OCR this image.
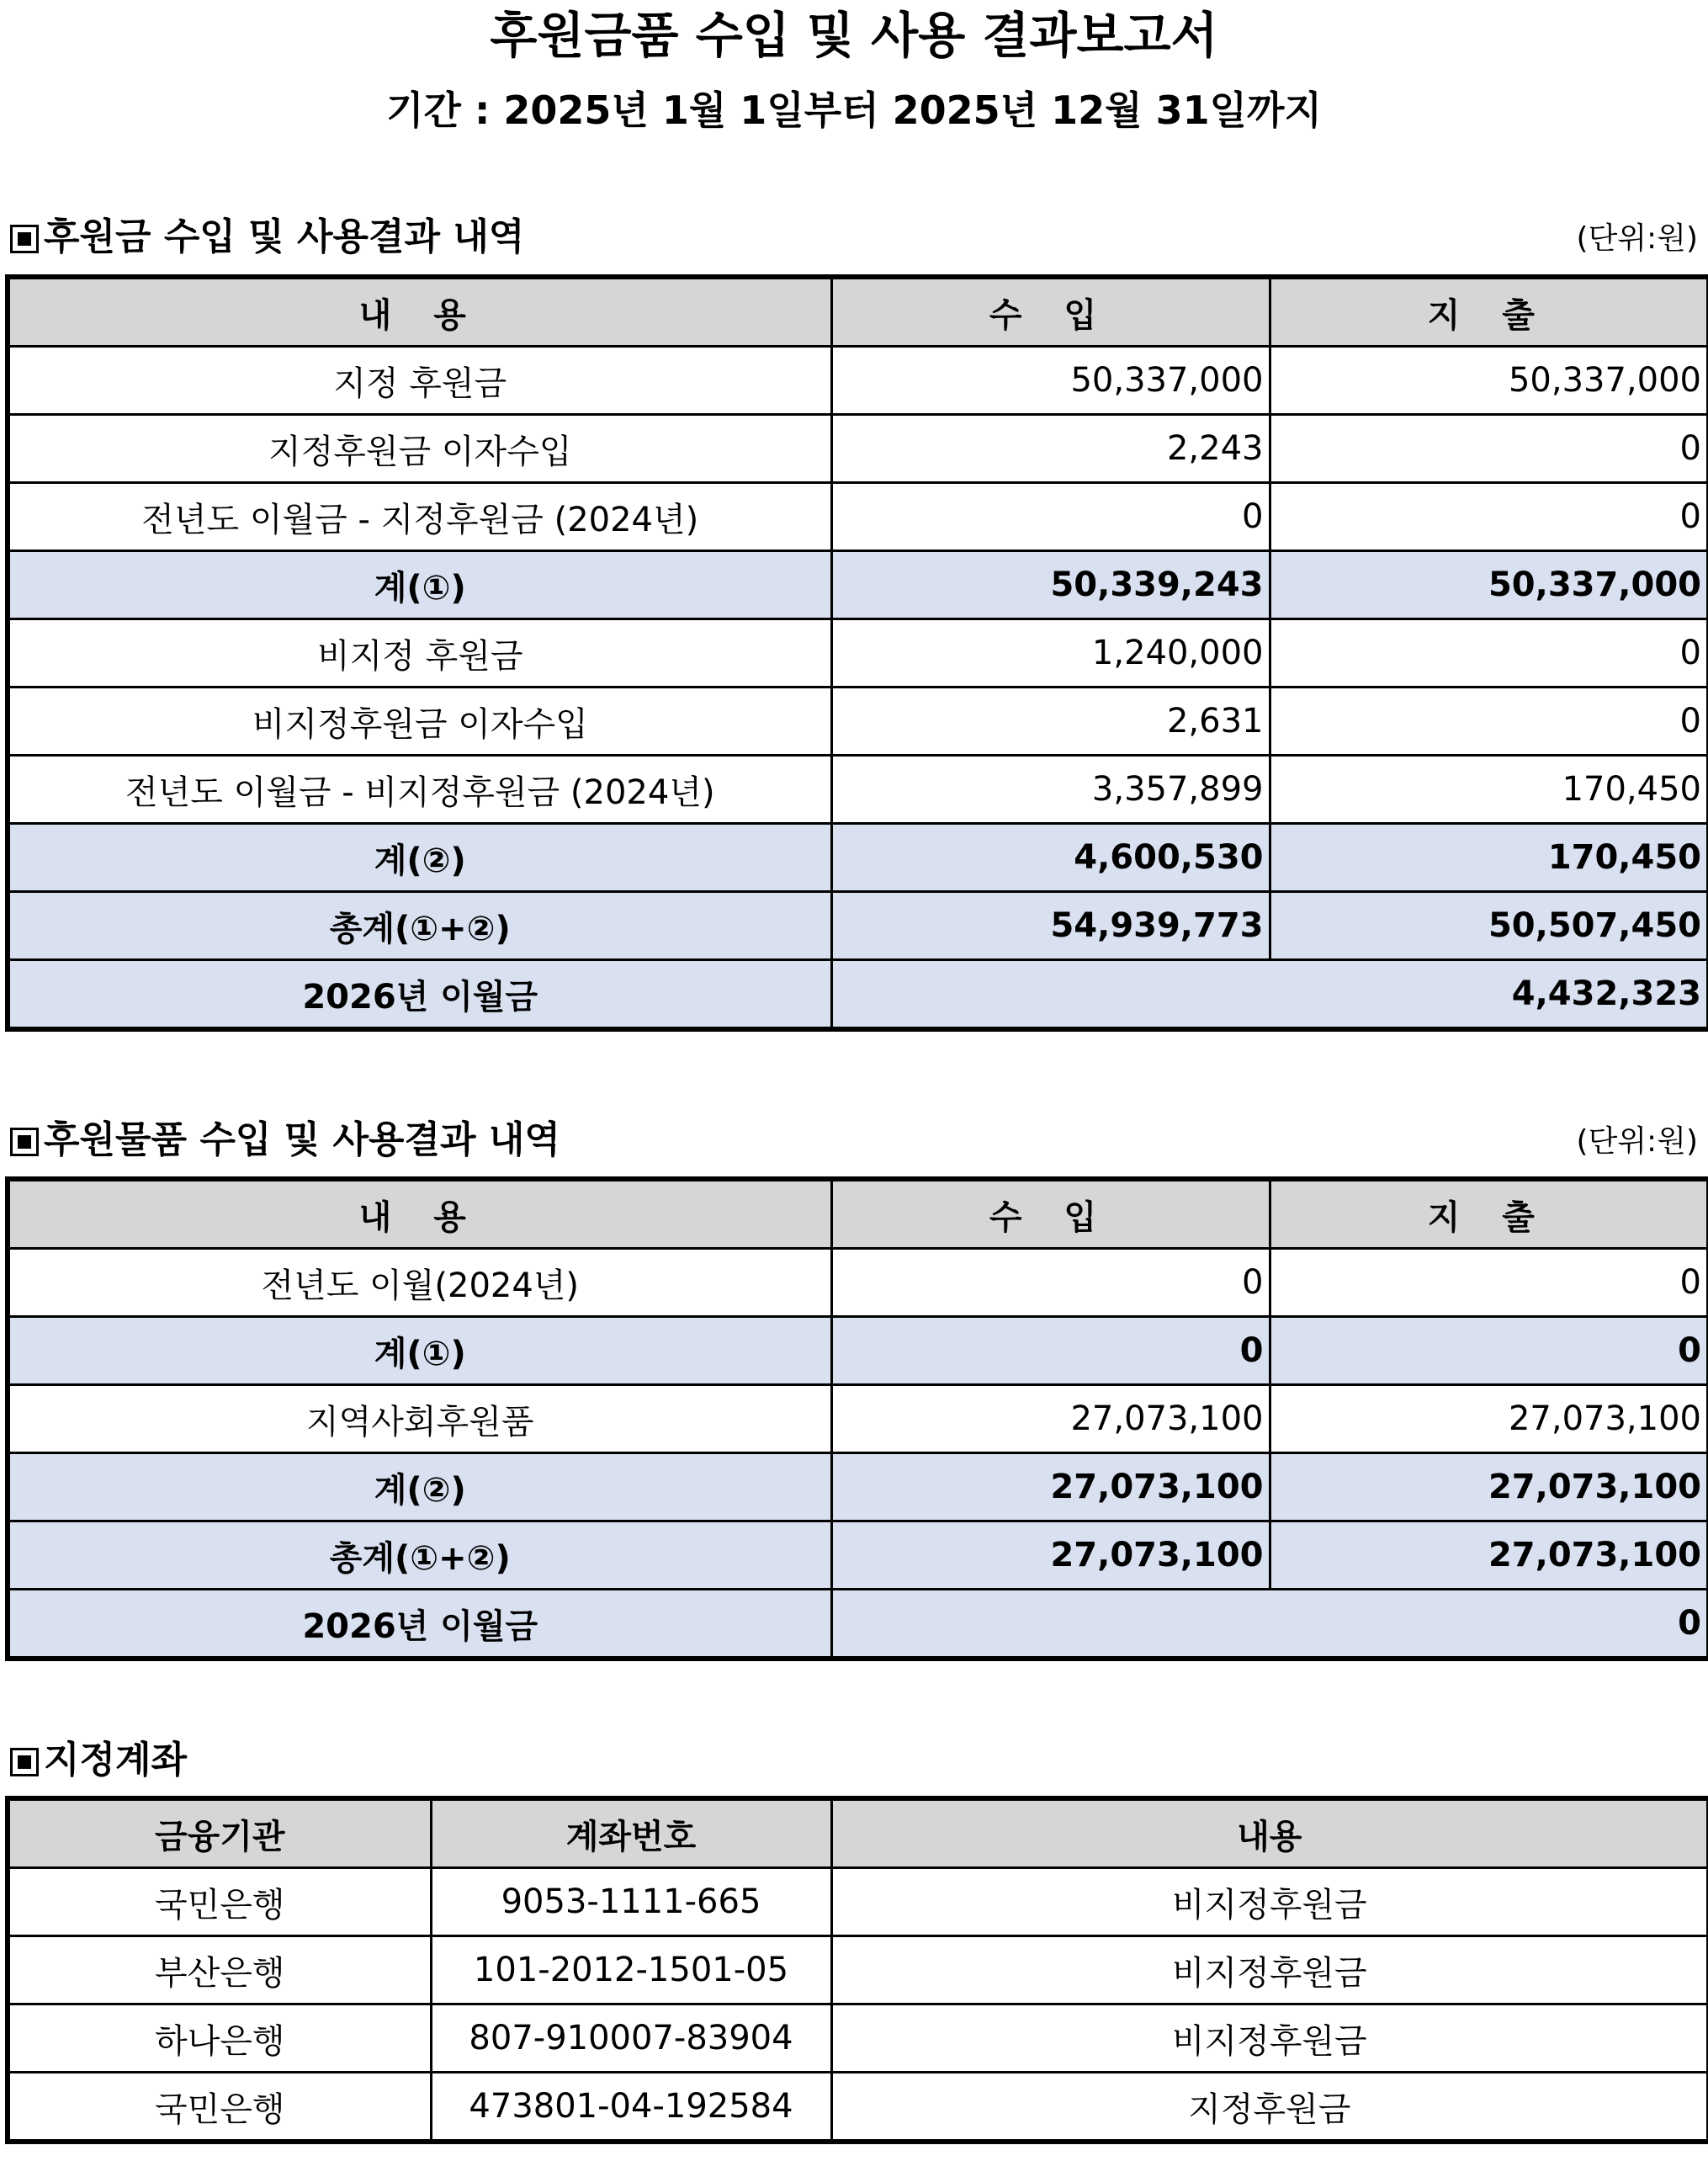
후원금품 수입 및 사용 결과보고서
기간 : 2025년 1월 1일부터 2025년 12월 31일까지
후원금 수입 및 사용결과 내역	(단위:원)
내 용	수 입	지 출
지정 후원금	50,337,000	50,337,000
지정후원금 이자수입	2,243	0
전년도 이월금 - 지정후원금 (2024년)	0	0
계(①)	50,339,243	50,337,000
비지정 후원금	1,240,000	0
비지정후원금 이자수입	2,631	0
전년도 이월금 - 비지정후원금 (2024년)	3,357,899	170,450
계(②)	4,600,530	170,450
총계(①+②)	54,939,773	50,507,450
2026년 이월금	4,432,323	
후원물품 수입 및 사용결과 내역	(단위:원)
내 용	수 입	지 출
전년도 이월(2024년)	0	0
계(①)	0	0
지역사회후원품	27,073,100	27,073,100
계(②)	27,073,100	27,073,100
총계(①+②)	27,073,100	27,073,100
2026년 이월금	0	
지정계좌
금융기관	계좌번호	내용
국민은행	9053-1111-665	비지정후원금
부산은행	101-2012-1501-05	비지정후원금
하나은행	807-910007-83904	비지정후원금
국민은행	473801-04-192584	지정후원금
